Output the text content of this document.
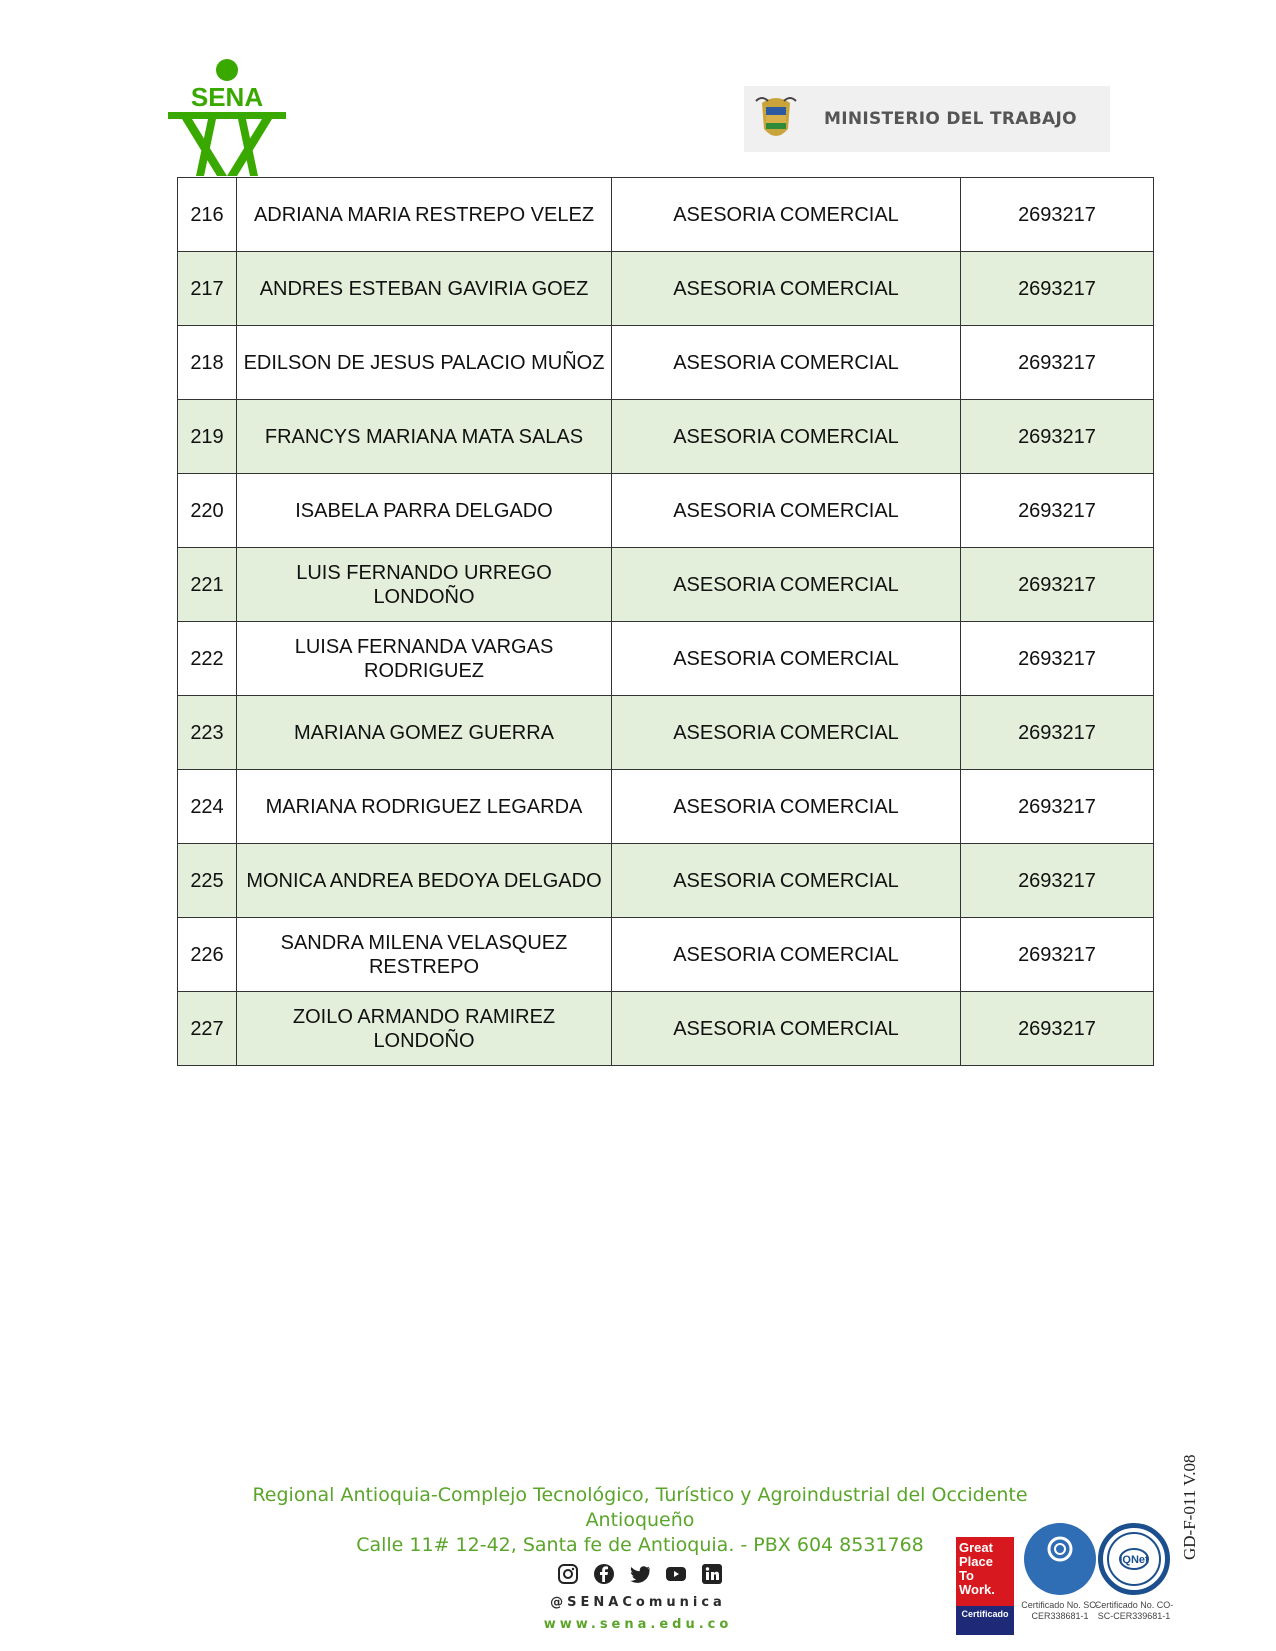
SENA
MINISTERIO DEL TRABAJO
216	ADRIANA MARIA RESTREPO VELEZ	ASESORIA COMERCIAL	2693217
217	ANDRES ESTEBAN GAVIRIA GOEZ	ASESORIA COMERCIAL	2693217
218	EDILSON DE JESUS PALACIO MUÑOZ	ASESORIA COMERCIAL	2693217
219	FRANCYS MARIANA MATA SALAS	ASESORIA COMERCIAL	2693217
220	ISABELA PARRA DELGADO	ASESORIA COMERCIAL	2693217
221	LUIS FERNANDO URREGO LONDOÑO	ASESORIA COMERCIAL	2693217
222	LUISA FERNANDA VARGAS RODRIGUEZ	ASESORIA COMERCIAL	2693217
223	MARIANA GOMEZ GUERRA	ASESORIA COMERCIAL	2693217
224	MARIANA RODRIGUEZ LEGARDA	ASESORIA COMERCIAL	2693217
225	MONICA ANDREA BEDOYA DELGADO	ASESORIA COMERCIAL	2693217
226	SANDRA MILENA VELASQUEZ RESTREPO	ASESORIA COMERCIAL	2693217
227	ZOILO ARMANDO RAMIREZ LONDOÑO	ASESORIA COMERCIAL	2693217
Regional Antioquia-Complejo Tecnológico, Turístico y Agroindustrial del Occidente Antioqueño
Calle 11# 12-42, Santa fe de Antioquia. - PBX 604 8531768
@SENAComunica
www.sena.edu.co
Great Place To Work.
Certificado
IQNet
Certificado No. SC-CER338681-1
Certificado No. CO-SC-CER339681-1
GD-F-011 V.08
